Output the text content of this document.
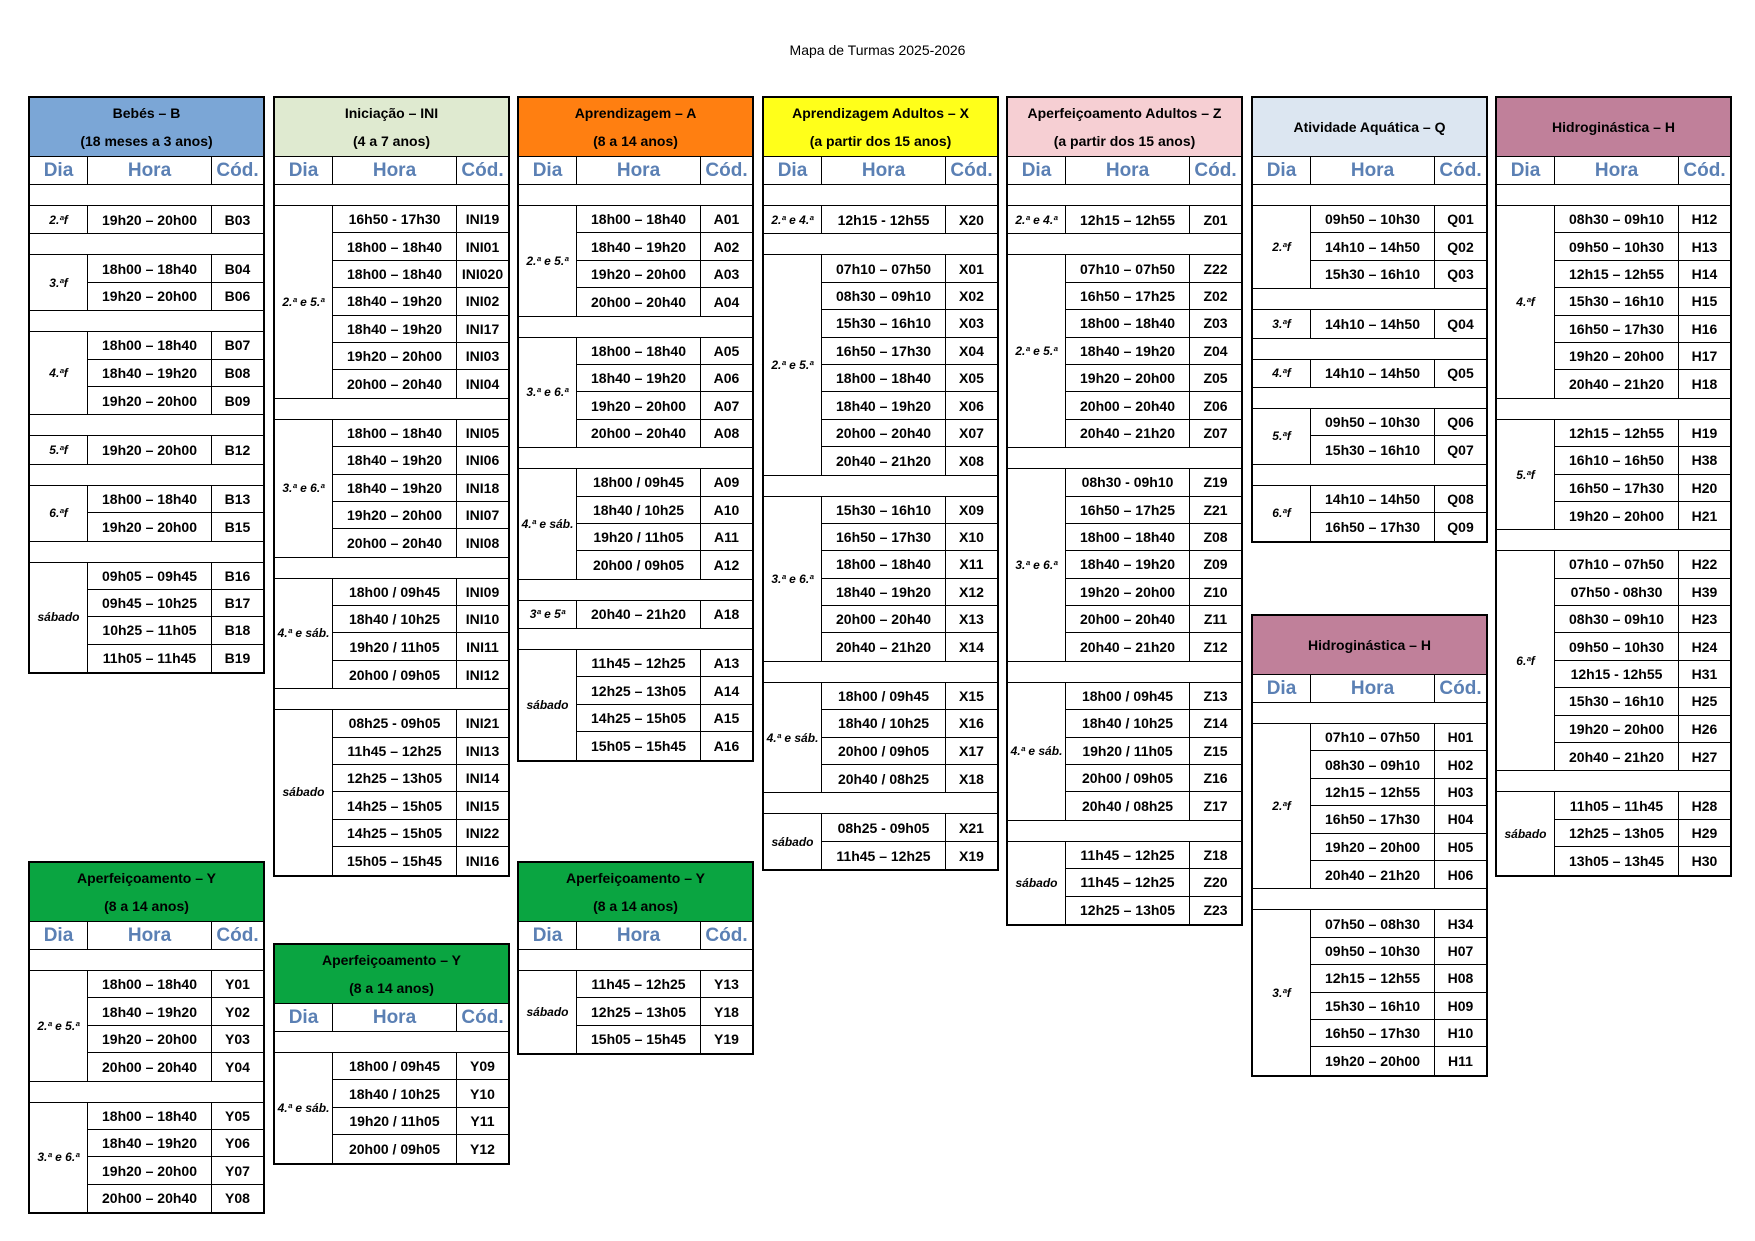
Mapa de Turmas 2025-2026
Bebés – B
(18 meses a 3 anos)
Dia	Hora	Cód.
2.ªf	19h20 – 20h00	B03
3.ªf
18h00 – 18h40	B04
19h20 – 20h00	B06
4.ªf
18h00 – 18h40	B07
18h40 – 19h20	B08
19h20 – 20h00	B09
5.ªf	19h20 – 20h00	B12
6.ªf
18h00 – 18h40	B13
19h20 – 20h00	B15
sábado
09h05 – 09h45	B16
09h45 – 10h25	B17
10h25 – 11h05	B18
11h05 – 11h45	B19
Iniciação – INI
(4 a 7 anos)
Dia	Hora	Cód.
2.ª e 5.ª
16h50 - 17h30	INI19
18h00 – 18h40	INI01
18h00 – 18h40	INI020
18h40 – 19h20	INI02
18h40 – 19h20	INI17
19h20 – 20h00	INI03
20h00 – 20h40	INI04
3.ª e 6.ª
18h00 – 18h40	INI05
18h40 – 19h20	INI06
18h40 – 19h20	INI18
19h20 – 20h00	INI07
20h00 – 20h40	INI08
4.ª e sáb.
18h00 / 09h45	INI09
18h40 / 10h25	INI10
19h20 / 11h05	INI11
20h00 / 09h05	INI12
sábado
08h25 - 09h05	INI21
11h45 – 12h25	INI13
12h25 – 13h05	INI14
14h25 – 15h05	INI15
14h25 – 15h05	INI22
15h05 – 15h45	INI16
Aprendizagem – A
(8 a 14 anos)
Dia	Hora	Cód.
2.ª e 5.ª
18h00 – 18h40	A01
18h40 – 19h20	A02
19h20 – 20h00	A03
20h00 – 20h40	A04
3.ª e 6.ª
18h00 – 18h40	A05
18h40 – 19h20	A06
19h20 – 20h00	A07
20h00 – 20h40	A08
4.ª e sáb.
18h00 / 09h45	A09
18h40 / 10h25	A10
19h20 / 11h05	A11
20h00 / 09h05	A12
3ª e 5ª	20h40 – 21h20	A18
sábado
11h45 – 12h25	A13
12h25 – 13h05	A14
14h25 – 15h05	A15
15h05 – 15h45	A16
Aprendizagem Adultos – X
(a partir dos 15 anos)
Dia	Hora	Cód.
2.ª e 4.ª	12h15 - 12h55	X20
2.ª e 5.ª
07h10 – 07h50	X01
08h30 – 09h10	X02
15h30 – 16h10	X03
16h50 – 17h30	X04
18h00 – 18h40	X05
18h40 – 19h20	X06
20h00 – 20h40	X07
20h40 – 21h20	X08
3.ª e 6.ª
15h30 – 16h10	X09
16h50 – 17h30	X10
18h00 – 18h40	X11
18h40 – 19h20	X12
20h00 – 20h40	X13
20h40 – 21h20	X14
4.ª e sáb.
18h00 / 09h45	X15
18h40 / 10h25	X16
20h00 / 09h05	X17
20h40 / 08h25	X18
sábado
08h25 - 09h05	X21
11h45 – 12h25	X19
Aperfeiçoamento Adultos – Z
(a partir dos 15 anos)
Dia	Hora	Cód.
2.ª e 4.ª	12h15 – 12h55	Z01
2.ª e 5.ª
07h10 – 07h50	Z22
16h50 – 17h25	Z02
18h00 – 18h40	Z03
18h40 – 19h20	Z04
19h20 – 20h00	Z05
20h00 – 20h40	Z06
20h40 – 21h20	Z07
3.ª e 6.ª
08h30 - 09h10	Z19
16h50 – 17h25	Z21
18h00 – 18h40	Z08
18h40 – 19h20	Z09
19h20 – 20h00	Z10
20h00 – 20h40	Z11
20h40 – 21h20	Z12
4.ª e sáb.
18h00 / 09h45	Z13
18h40 / 10h25	Z14
19h20 / 11h05	Z15
20h00 / 09h05	Z16
20h40 / 08h25	Z17
sábado
11h45 – 12h25	Z18
11h45 – 12h25	Z20
12h25 – 13h05	Z23
Atividade Aquática – Q
Dia	Hora	Cód.
2.ªf
09h50 – 10h30	Q01
14h10 – 14h50	Q02
15h30 – 16h10	Q03
3.ªf	14h10 – 14h50	Q04
4.ªf	14h10 – 14h50	Q05
5.ªf
09h50 – 10h30	Q06
15h30 – 16h10	Q07
6.ªf
14h10 – 14h50	Q08
16h50 – 17h30	Q09
Hidroginástica – H
Dia	Hora	Cód.
4.ªf
08h30 – 09h10	H12
09h50 – 10h30	H13
12h15 – 12h55	H14
15h30 – 16h10	H15
16h50 – 17h30	H16
19h20 – 20h00	H17
20h40 – 21h20	H18
5.ªf
12h15 – 12h55	H19
16h10 – 16h50	H38
16h50 – 17h30	H20
19h20 – 20h00	H21
6.ªf
07h10 – 07h50	H22
07h50 - 08h30	H39
08h30 – 09h10	H23
09h50 – 10h30	H24
12h15 - 12h55	H31
15h30 – 16h10	H25
19h20 – 20h00	H26
20h40 – 21h20	H27
sábado
11h05 – 11h45	H28
12h25 – 13h05	H29
13h05 – 13h45	H30
Hidroginástica – H
Dia	Hora	Cód.
2.ªf
07h10 – 07h50	H01
08h30 – 09h10	H02
12h15 – 12h55	H03
16h50 – 17h30	H04
19h20 – 20h00	H05
20h40 – 21h20	H06
3.ªf
07h50 – 08h30	H34
09h50 – 10h30	H07
12h15 – 12h55	H08
15h30 – 16h10	H09
16h50 – 17h30	H10
19h20 – 20h00	H11
Aperfeiçoamento – Y
(8 a 14 anos)
Dia	Hora	Cód.
2.ª e 5.ª
18h00 – 18h40	Y01
18h40 – 19h20	Y02
19h20 – 20h00	Y03
20h00 – 20h40	Y04
3.ª e 6.ª
18h00 – 18h40	Y05
18h40 – 19h20	Y06
19h20 – 20h00	Y07
20h00 – 20h40	Y08
Aperfeiçoamento – Y
(8 a 14 anos)
Dia	Hora	Cód.
4.ª e sáb.
18h00 / 09h45	Y09
18h40 / 10h25	Y10
19h20 / 11h05	Y11
20h00 / 09h05	Y12
Aperfeiçoamento – Y
(8 a 14 anos)
Dia	Hora	Cód.
sábado
11h45 – 12h25	Y13
12h25 – 13h05	Y18
15h05 – 15h45	Y19
